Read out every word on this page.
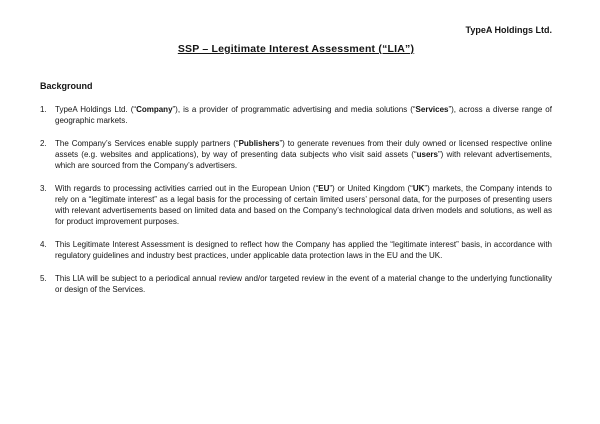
TypeA Holdings Ltd.
SSP – Legitimate Interest Assessment (“LIA”)
Background
1.	TypeA Holdings Ltd. (“Company”), is a provider of programmatic advertising and media solutions (“Services”), across a diverse range of geographic markets.
2.	The Company’s Services enable supply partners (“Publishers”) to generate revenues from their duly owned or licensed respective online assets (e.g. websites and applications), by way of presenting data subjects who visit said assets (“users”) with relevant advertisements, which are sourced from the Company’s advertisers.
3.	With regards to processing activities carried out in the European Union (“EU”) or United Kingdom (“UK”) markets, the Company intends to rely on a “legitimate interest” as a legal basis for the processing of certain limited users’ personal data, for the purposes of presenting users with relevant advertisements based on limited data and based on the Company’s technological data driven models and solutions, as well as for product improvement purposes.
4.	This Legitimate Interest Assessment is designed to reflect how the Company has applied the “legitimate interest” basis, in accordance with regulatory guidelines and industry best practices, under applicable data protection laws in the EU and the UK.
5.	This LIA will be subject to a periodical annual review and/or targeted review in the event of a material change to the underlying functionality or design of the Services.
